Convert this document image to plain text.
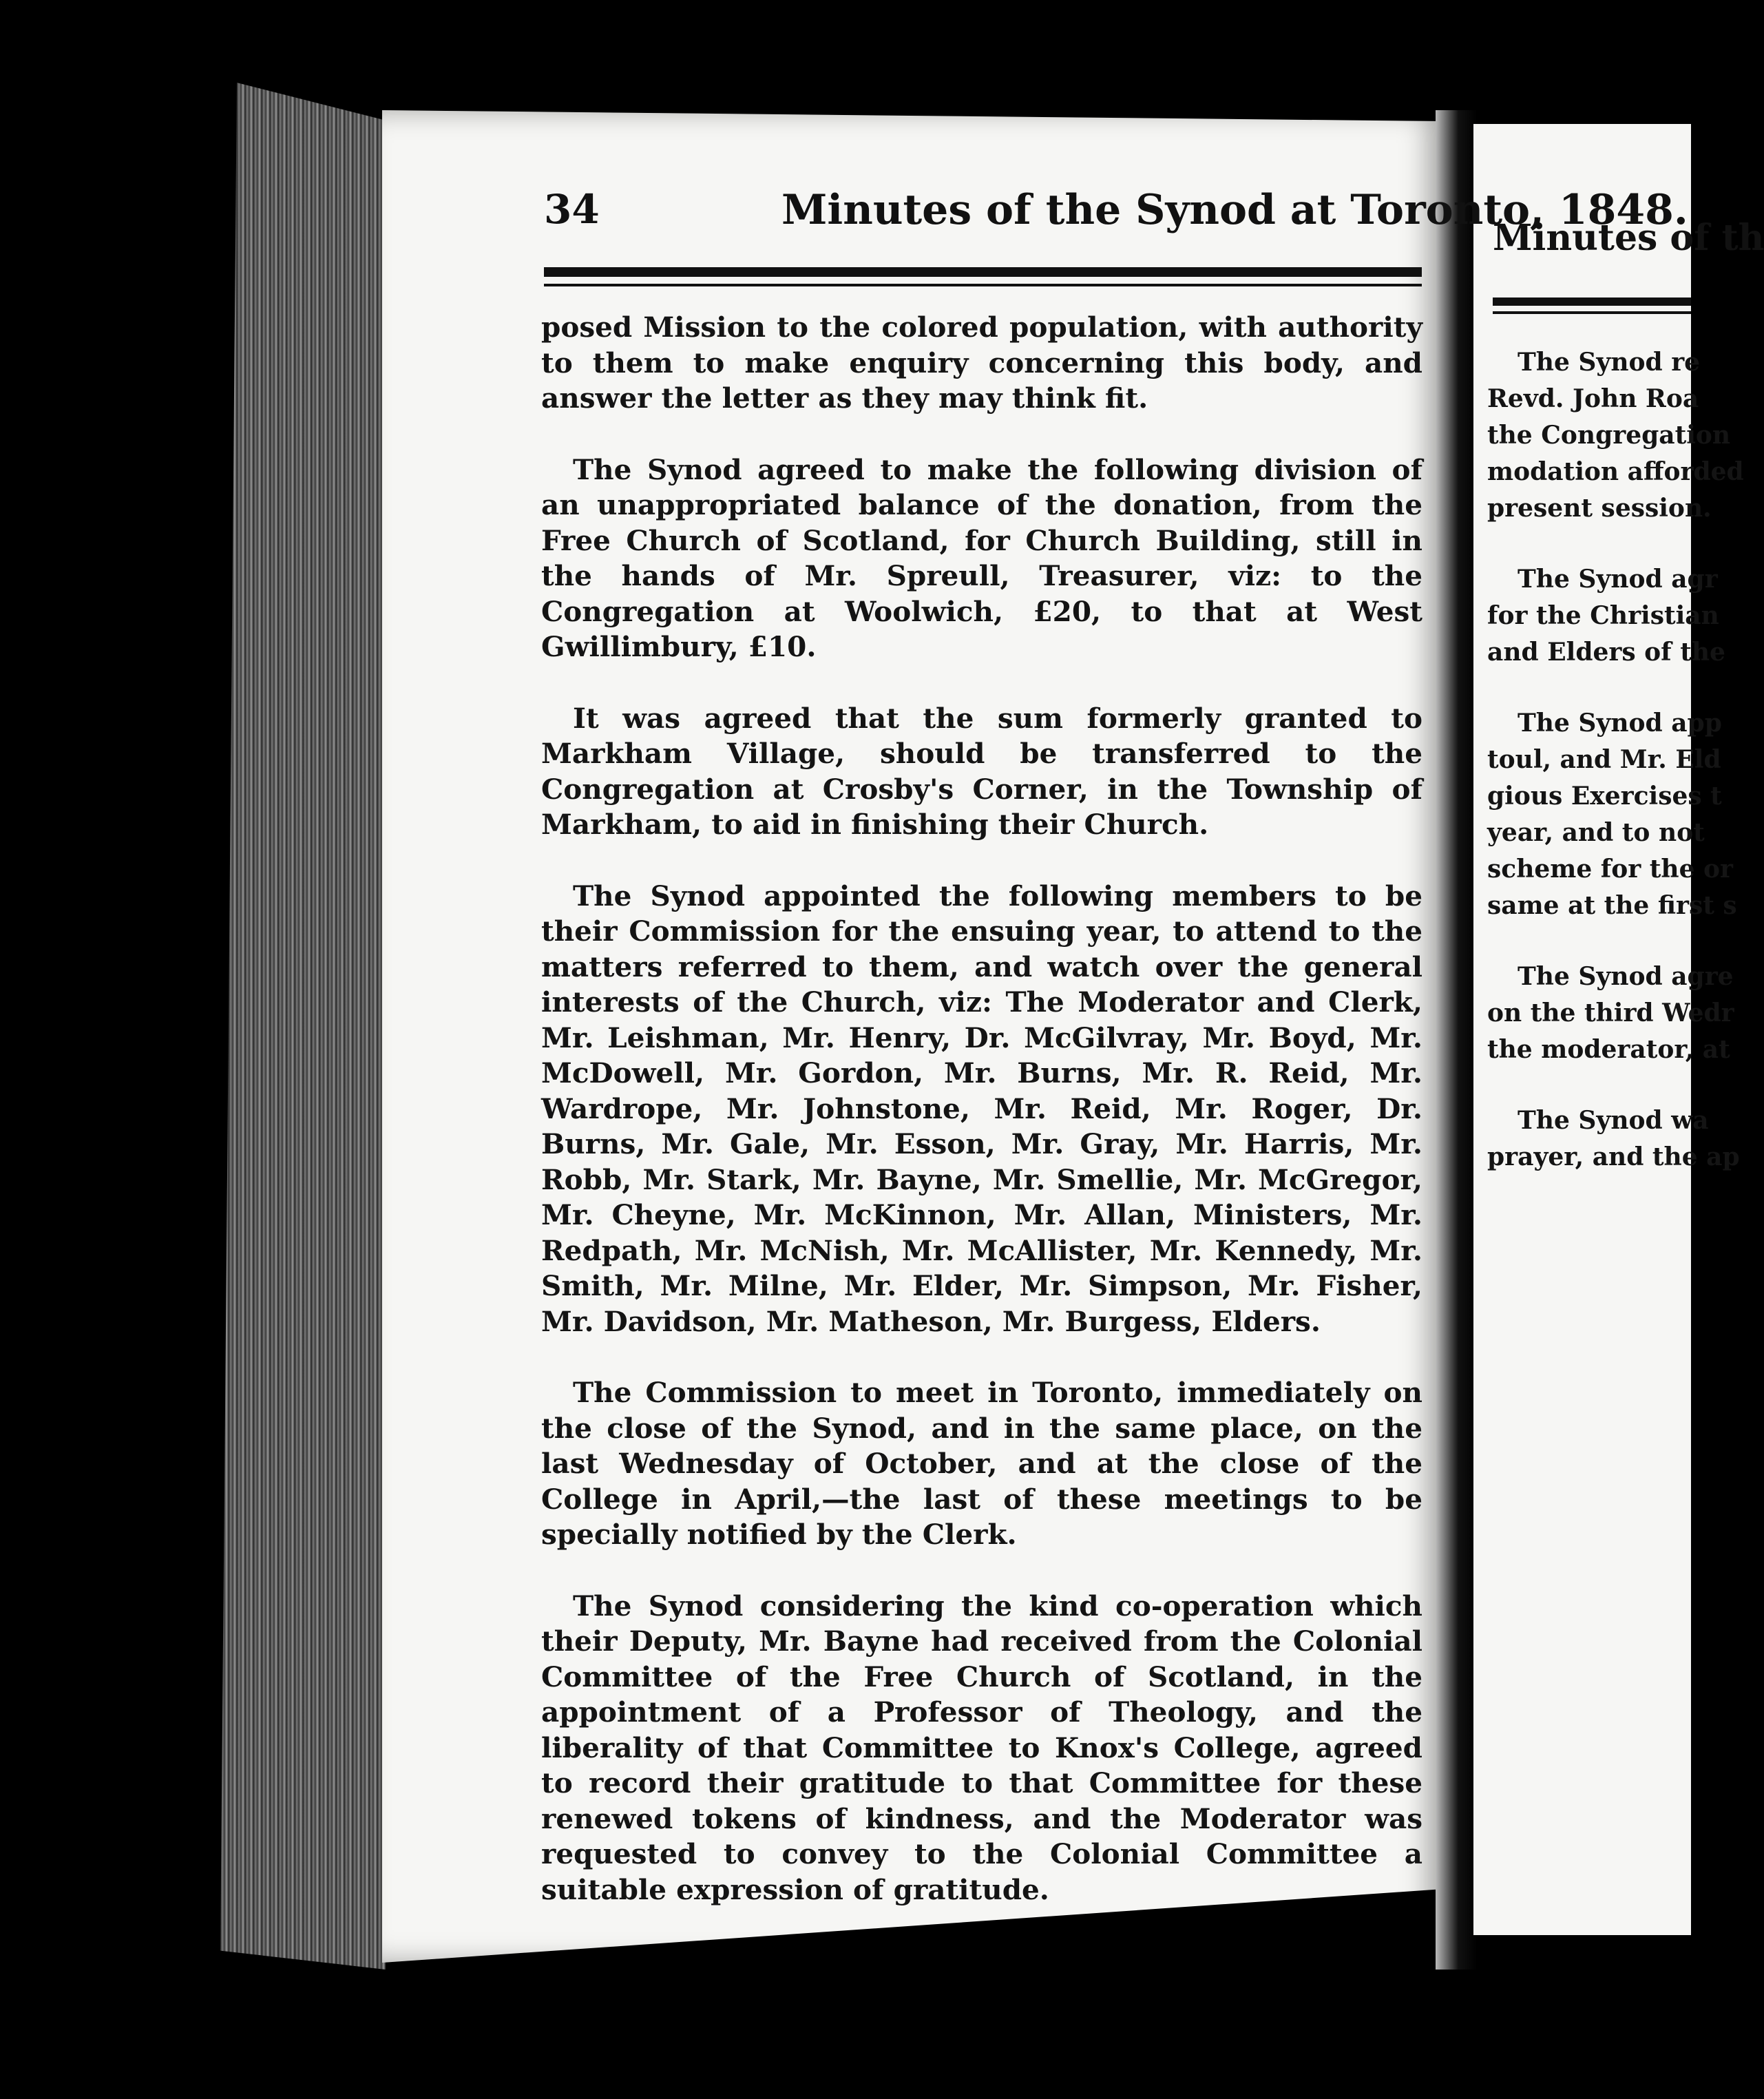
34	Minutes of the Synod at Toronto, 1848.

posed Mission to the colored population, with authority to them to make enquiry concerning this body, and answer the letter as they may think fit.

The Synod agreed to make the following division of an unappropriated balance of the donation, from the Free Church of Scotland, for Church Building, still in the hands of Mr. Spreull, Treasurer, viz: to the Congregation at Woolwich, £20, to that at West Gwillimbury, £10.

It was agreed that the sum formerly granted to Markham Village, should be transferred to the Congregation at Crosby's Corner, in the Township of Markham, to aid in finishing their Church.

The Synod appointed the following members to be their Commission for the ensuing year, to attend to the matters referred to them, and watch over the general interests of the Church, viz: The Moderator and Clerk, Mr. Leishman, Mr. Henry, Dr. McGilvray, Mr. Boyd, Mr. McDowell, Mr. Gordon, Mr. Burns, Mr. R. Reid, Mr. Wardrope, Mr. Johnstone, Mr. Reid, Mr. Roger, Dr. Burns, Mr. Gale, Mr. Esson, Mr. Gray, Mr. Harris, Mr. Robb, Mr. Stark, Mr. Bayne, Mr. Smellie, Mr. McGregor, Mr. Cheyne, Mr. McKinnon, Mr. Allan, Ministers, Mr. Redpath, Mr. McNish, Mr. McAllister, Mr. Kennedy, Mr. Smith, Mr. Milne, Mr. Elder, Mr. Simpson, Mr. Fisher, Mr. Davidson, Mr. Matheson, Mr. Burgess, Elders.

The Commission to meet in Toronto, immediately on the close of the Synod, and in the same place, on the last Wednesday of October, and at the close of the College in April,—the last of these meetings to be specially notified by the Clerk.

The Synod considering the kind co-operation which their Deputy, Mr. Bayne had received from the Colonial Committee of the Free Church of Scotland, in the appointment of a Professor of Theology, and the liberality of that Committee to Knox's College, agreed to record their gratitude to that Committee for these renewed tokens of kindness, and the Moderator was requested to convey to the Colonial Committee a suitable expression of gratitude.

Minutes of th
The Synod re
Revd. John Roa
the Congregation
modation afforded
present session.
The Synod agr
for the Christian
and Elders of the
The Synod app
toul, and Mr. Eld
gious Exercises t
year, and to not
scheme for the or
same at the first s
The Synod agre
on the third Wedr
the moderator, at
The Synod wa
prayer, and the ap
